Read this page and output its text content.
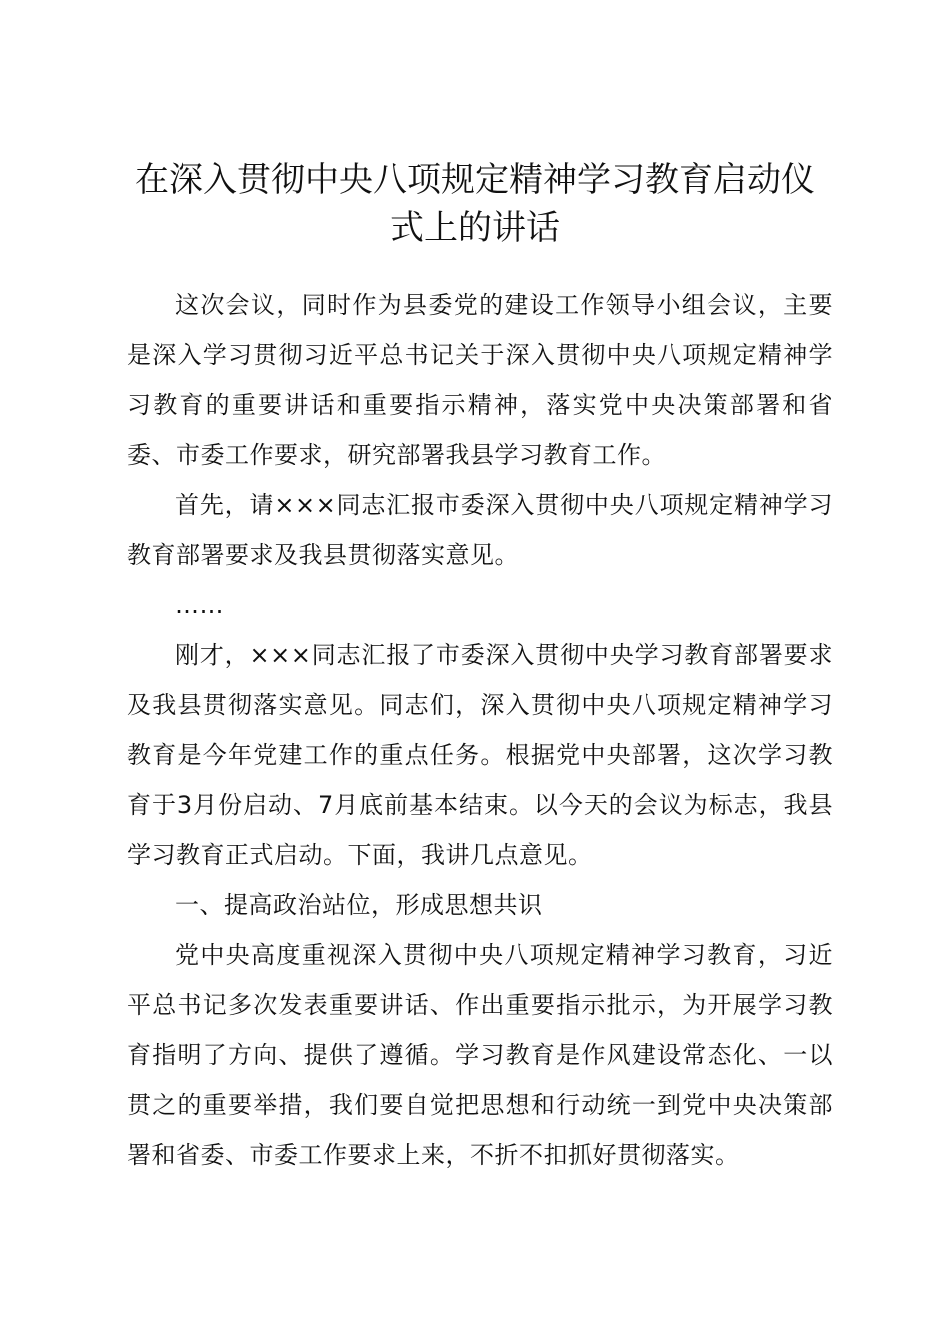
在深入贯彻中央八项规定精神学习教育启动仪
式上的讲话

这次会议，同时作为县委党的建设工作领导小组会议，主要是深入学习贯彻习近平总书记关于深入贯彻中央八项规定精神学习教育的重要讲话和重要指示精神，落实党中央决策部署和省委、市委工作要求，研究部署我县学习教育工作。

首先，请×××同志汇报市委深入贯彻中央八项规定精神学习教育部署要求及我县贯彻落实意见。

……

刚才，×××同志汇报了市委深入贯彻中央学习教育部署要求及我县贯彻落实意见。同志们，深入贯彻中央八项规定精神学习教育是今年党建工作的重点任务。根据党中央部署，这次学习教育于3月份启动、7月底前基本结束。以今天的会议为标志，我县学习教育正式启动。下面，我讲几点意见。

一、提高政治站位，形成思想共识

党中央高度重视深入贯彻中央八项规定精神学习教育，习近平总书记多次发表重要讲话、作出重要指示批示，为开展学习教育指明了方向、提供了遵循。学习教育是作风建设常态化、一以贯之的重要举措，我们要自觉把思想和行动统一到党中央决策部署和省委、市委工作要求上来，不折不扣抓好贯彻落实。
